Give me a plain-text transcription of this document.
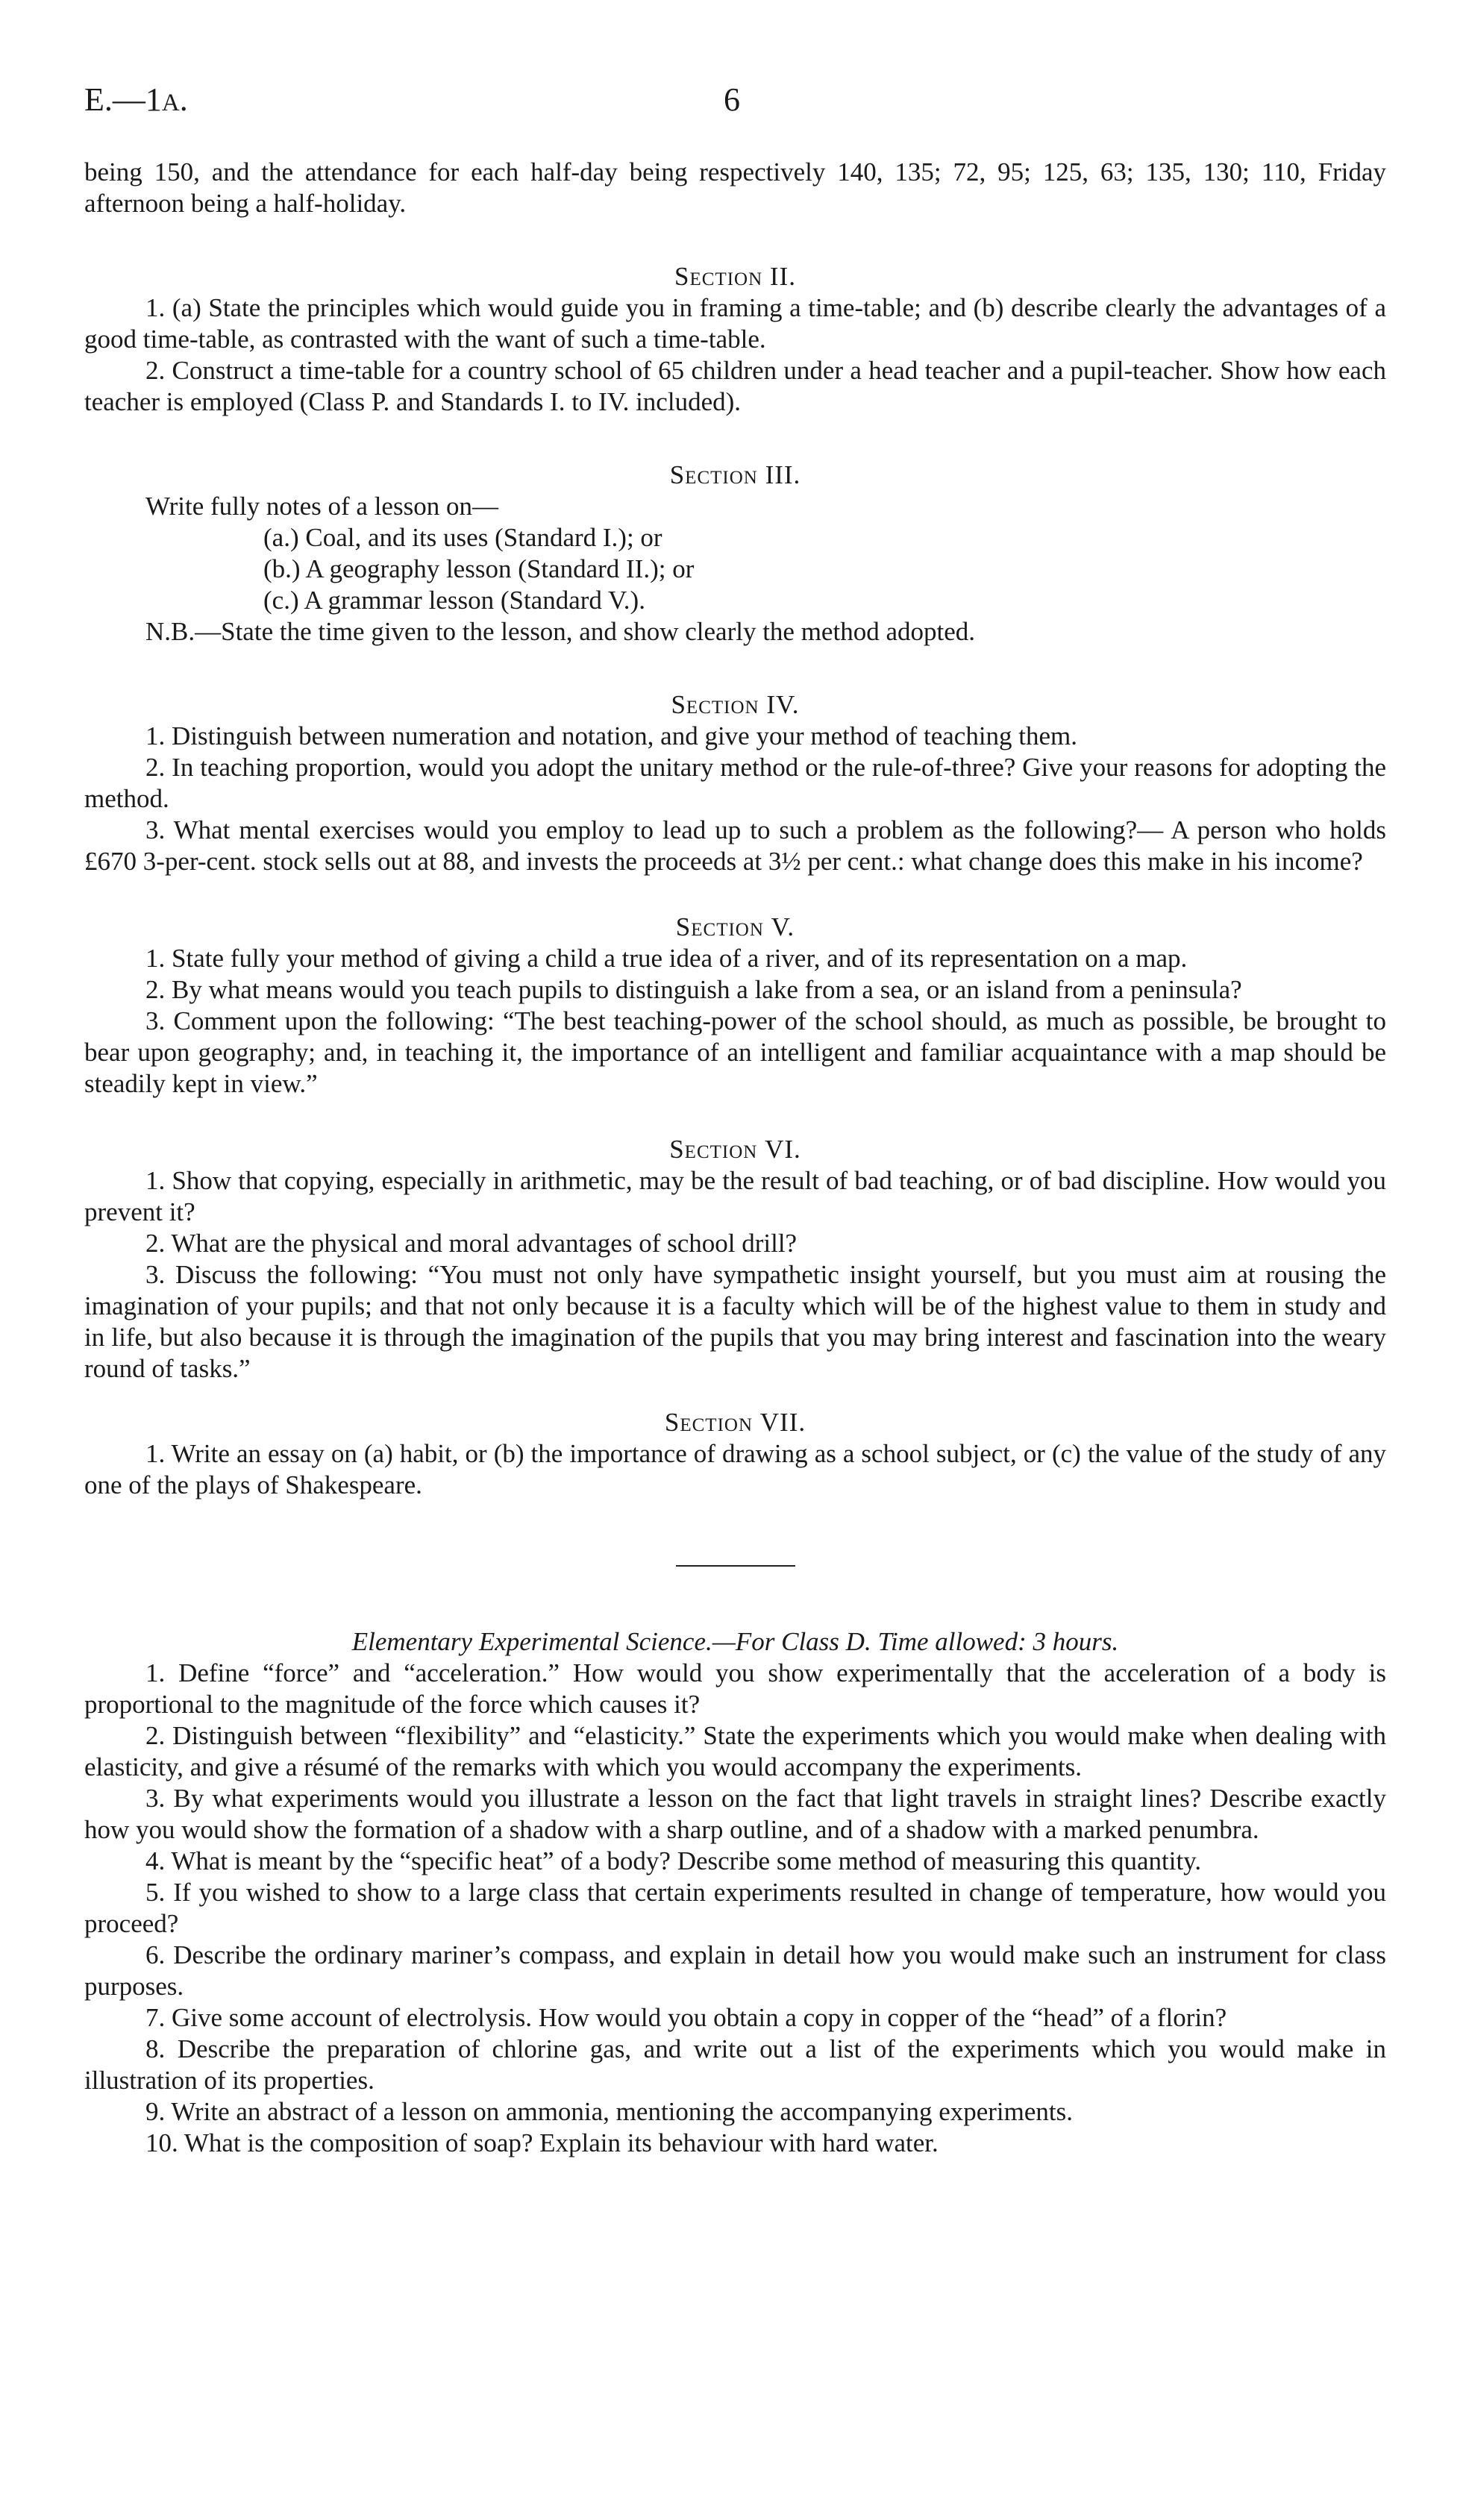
E.—1A.	6

being 150, and the attendance for each half-day being respectively 140, 135; 72, 95; 125, 63; 135, 130; 110, Friday afternoon being a half-holiday.

Section II.

1. (a) State the principles which would guide you in framing a time-table; and (b) describe clearly the advantages of a good time-table, as contrasted with the want of such a time-table.

2. Construct a time-table for a country school of 65 children under a head teacher and a pupil-teacher. Show how each teacher is employed (Class P. and Standards I. to IV. included).

Section III.

Write fully notes of a lesson on—

(a.) Coal, and its uses (Standard I.); or

(b.) A geography lesson (Standard II.); or

(c.) A grammar lesson (Standard V.).

N.B.—State the time given to the lesson, and show clearly the method adopted.

Section IV.

1. Distinguish between numeration and notation, and give your method of teaching them.

2. In teaching proportion, would you adopt the unitary method or the rule-of-three? Give your reasons for adopting the method.

3. What mental exercises would you employ to lead up to such a problem as the following?— A person who holds £670 3-per-cent. stock sells out at 88, and invests the proceeds at 3½ per cent.: what change does this make in his income?

Section V.

1. State fully your method of giving a child a true idea of a river, and of its representation on a map.

2. By what means would you teach pupils to distinguish a lake from a sea, or an island from a peninsula?

3. Comment upon the following: “The best teaching-power of the school should, as much as possible, be brought to bear upon geography; and, in teaching it, the importance of an intelligent and familiar acquaintance with a map should be steadily kept in view.”

Section VI.

1. Show that copying, especially in arithmetic, may be the result of bad teaching, or of bad discipline. How would you prevent it?

2. What are the physical and moral advantages of school drill?

3. Discuss the following: “You must not only have sympathetic insight yourself, but you must aim at rousing the imagination of your pupils; and that not only because it is a faculty which will be of the highest value to them in study and in life, but also because it is through the imagination of the pupils that you may bring interest and fascination into the weary round of tasks.”

Section VII.

1. Write an essay on (a) habit, or (b) the importance of drawing as a school subject, or (c) the value of the study of any one of the plays of Shakespeare.

Elementary Experimental Science.—For Class D. Time allowed: 3 hours.

1. Define “force” and “acceleration.” How would you show experimentally that the acceleration of a body is proportional to the magnitude of the force which causes it?

2. Distinguish between “flexibility” and “elasticity.” State the experiments which you would make when dealing with elasticity, and give a résumé of the remarks with which you would accompany the experiments.

3. By what experiments would you illustrate a lesson on the fact that light travels in straight lines? Describe exactly how you would show the formation of a shadow with a sharp outline, and of a shadow with a marked penumbra.

4. What is meant by the “specific heat” of a body? Describe some method of measuring this quantity.

5. If you wished to show to a large class that certain experiments resulted in change of temperature, how would you proceed?

6. Describe the ordinary mariner’s compass, and explain in detail how you would make such an instrument for class purposes.

7. Give some account of electrolysis. How would you obtain a copy in copper of the “head” of a florin?

8. Describe the preparation of chlorine gas, and write out a list of the experiments which you would make in illustration of its properties.

9. Write an abstract of a lesson on ammonia, mentioning the accompanying experiments.

10. What is the composition of soap? Explain its behaviour with hard water.
